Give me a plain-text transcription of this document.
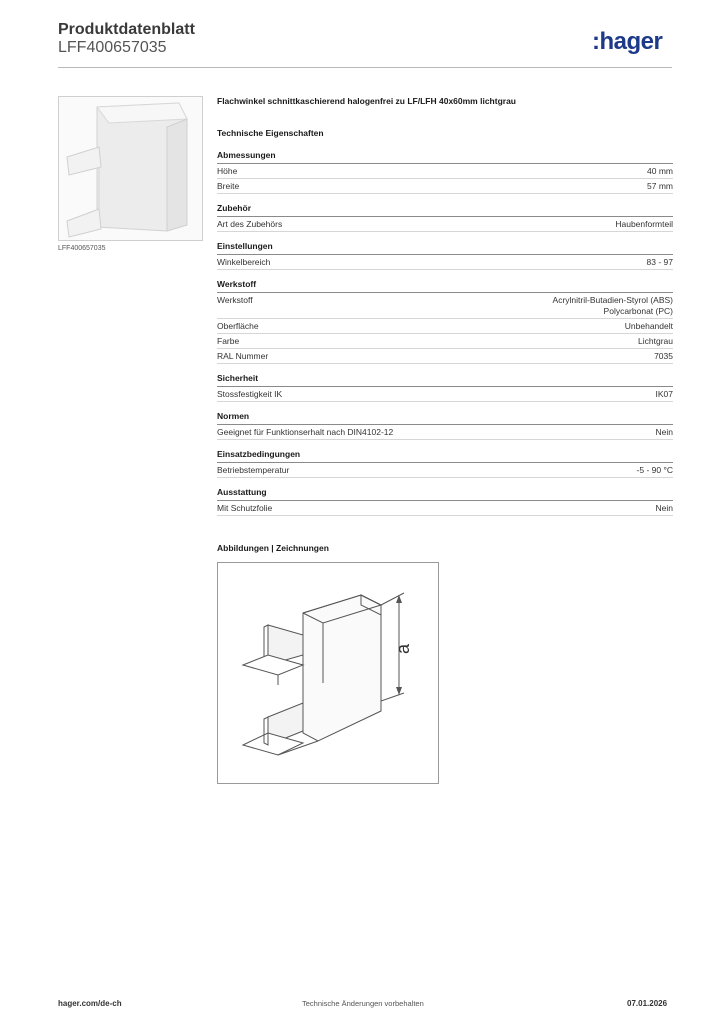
Produktdatenblatt
LFF400657035	:hager
LFF400657035
Flachwinkel schnittkaschierend halogenfrei zu LF/LFH 40x60mm lichtgrau
Technische Eigenschaften
Abmessungen
Höhe	40 mm
Breite	57 mm
Zubehör
Art des Zubehörs	Haubenformteil
Einstellungen
Winkelbereich	83 - 97
Werkstoff
Werkstoff	Acrylnitril-Butadien-Styrol (ABS)
Polycarbonat (PC)
Oberfläche	Unbehandelt
Farbe	Lichtgrau
RAL Nummer	7035
Sicherheit
Stossfestigkeit IK	IK07
Normen
Geeignet für Funktionserhalt nach DIN4102-12	Nein
Einsatzbedingungen
Betriebstemperatur	-5 - 90 °C
Ausstattung
Mit Schutzfolie	Nein
Abbildungen | Zeichnungen
a
hager.com/de-ch	Technische Änderungen vorbehalten	07.01.2026
